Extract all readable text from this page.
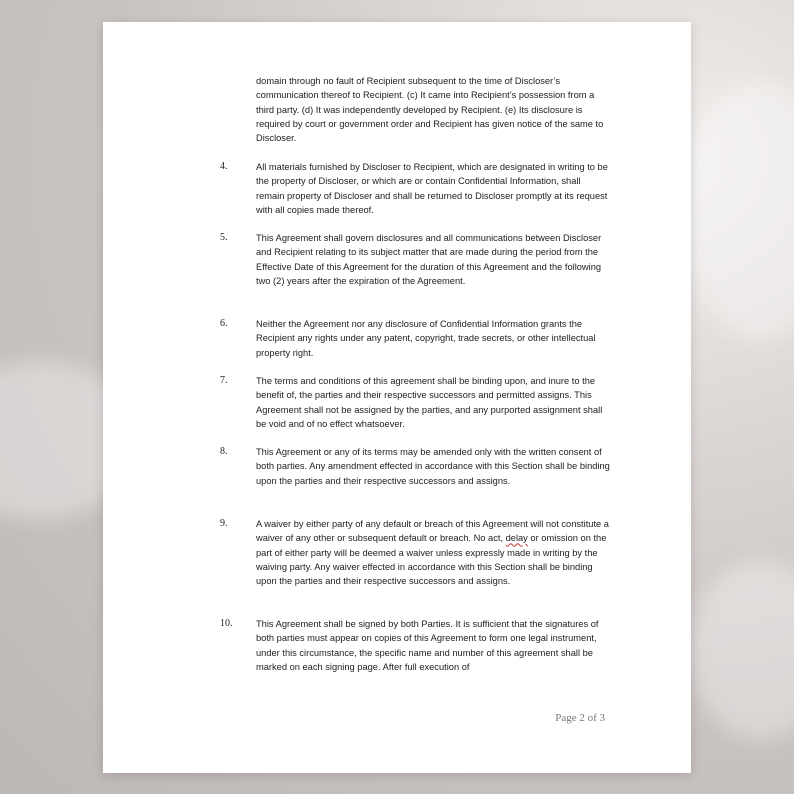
domain through no fault of Recipient subsequent to the time of Discloser’s communication thereof to Recipient. (c) It came into Recipient’s possession from a third party. (d) It was independently developed by Recipient. (e) Its disclosure is required by court or government order and Recipient has given notice of the same to Discloser.

4.	All materials furnished by Discloser to Recipient, which are designated in writing to be the property of Discloser, or which are or contain Confidential Information, shall remain property of Discloser and shall be returned to Discloser promptly at its request with all copies made thereof.

5.	This Agreement shall govern disclosures and all communications between Discloser and Recipient relating to its subject matter that are made during the period from the Effective Date of this Agreement for the duration of this Agreement and the following two (2) years after the expiration of the Agreement.

6.	Neither the Agreement nor any disclosure of Confidential Information grants the Recipient any rights under any patent, copyright, trade secrets, or other intellectual property right.

7.	The terms and conditions of this agreement shall be binding upon, and inure to the benefit of, the parties and their respective successors and permitted assigns. This Agreement shall not be assigned by the parties, and any purported assignment shall be void and of no effect whatsoever.

8.	This Agreement or any of its terms may be amended only with the written consent of both parties. Any amendment effected in accordance with this Section shall be binding upon the parties and their respective successors and assigns.

9.	A waiver by either party of any default or breach of this Agreement will not constitute a waiver of any other or subsequent default or breach. No act, delay or omission on the part of either party will be deemed a waiver unless expressly made in writing by the waiving party. Any waiver effected in accordance with this Section shall be binding upon the parties and their respective successors and assigns.

10.	This Agreement shall be signed by both Parties. It is sufficient that the signatures of both parties must appear on copies of this Agreement to form one legal instrument, under this circumstance, the specific name and number of this agreement shall be marked on each signing page. After full execution of

Page 2 of 3
